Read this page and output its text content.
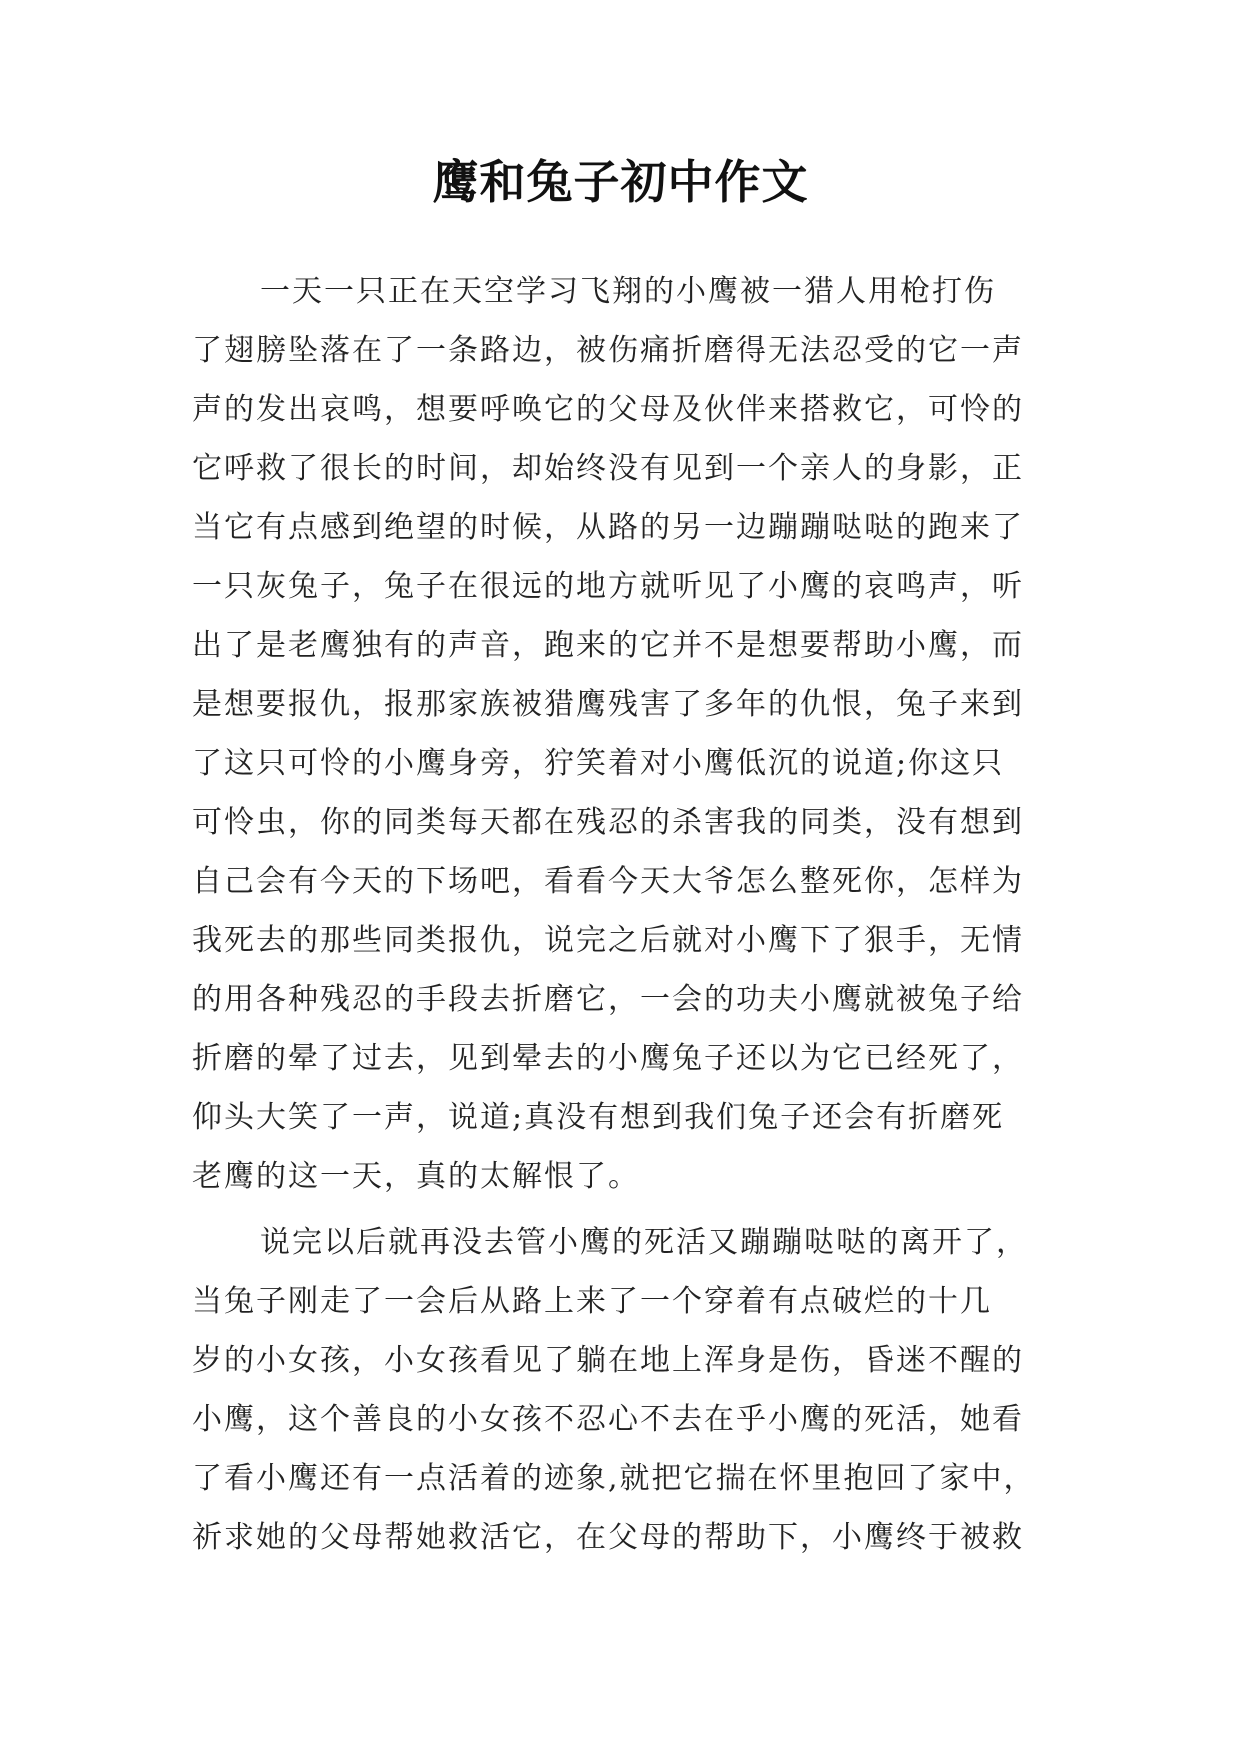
鹰和兔子初中作文
一天一只正在天空学习飞翔的小鹰被一猎人用枪打伤
了翅膀坠落在了一条路边，被伤痛折磨得无法忍受的它一声
声的发出哀鸣，想要呼唤它的父母及伙伴来搭救它，可怜的
它呼救了很长的时间，却始终没有见到一个亲人的身影，正
当它有点感到绝望的时候，从路的另一边蹦蹦哒哒的跑来了
一只灰兔子，兔子在很远的地方就听见了小鹰的哀鸣声，听
出了是老鹰独有的声音，跑来的它并不是想要帮助小鹰，而
是想要报仇，报那家族被猎鹰残害了多年的仇恨，兔子来到
了这只可怜的小鹰身旁，狞笑着对小鹰低沉的说道;你这只
可怜虫，你的同类每天都在残忍的杀害我的同类，没有想到
自己会有今天的下场吧，看看今天大爷怎么整死你，怎样为
我死去的那些同类报仇，说完之后就对小鹰下了狠手，无情
的用各种残忍的手段去折磨它，一会的功夫小鹰就被兔子给
折磨的晕了过去，见到晕去的小鹰兔子还以为它已经死了，
仰头大笑了一声，说道;真没有想到我们兔子还会有折磨死
老鹰的这一天，真的太解恨了。
说完以后就再没去管小鹰的死活又蹦蹦哒哒的离开了，
当兔子刚走了一会后从路上来了一个穿着有点破烂的十几
岁的小女孩，小女孩看见了躺在地上浑身是伤，昏迷不醒的
小鹰，这个善良的小女孩不忍心不去在乎小鹰的死活，她看
了看小鹰还有一点活着的迹象,就把它揣在怀里抱回了家中，
祈求她的父母帮她救活它，在父母的帮助下，小鹰终于被救
